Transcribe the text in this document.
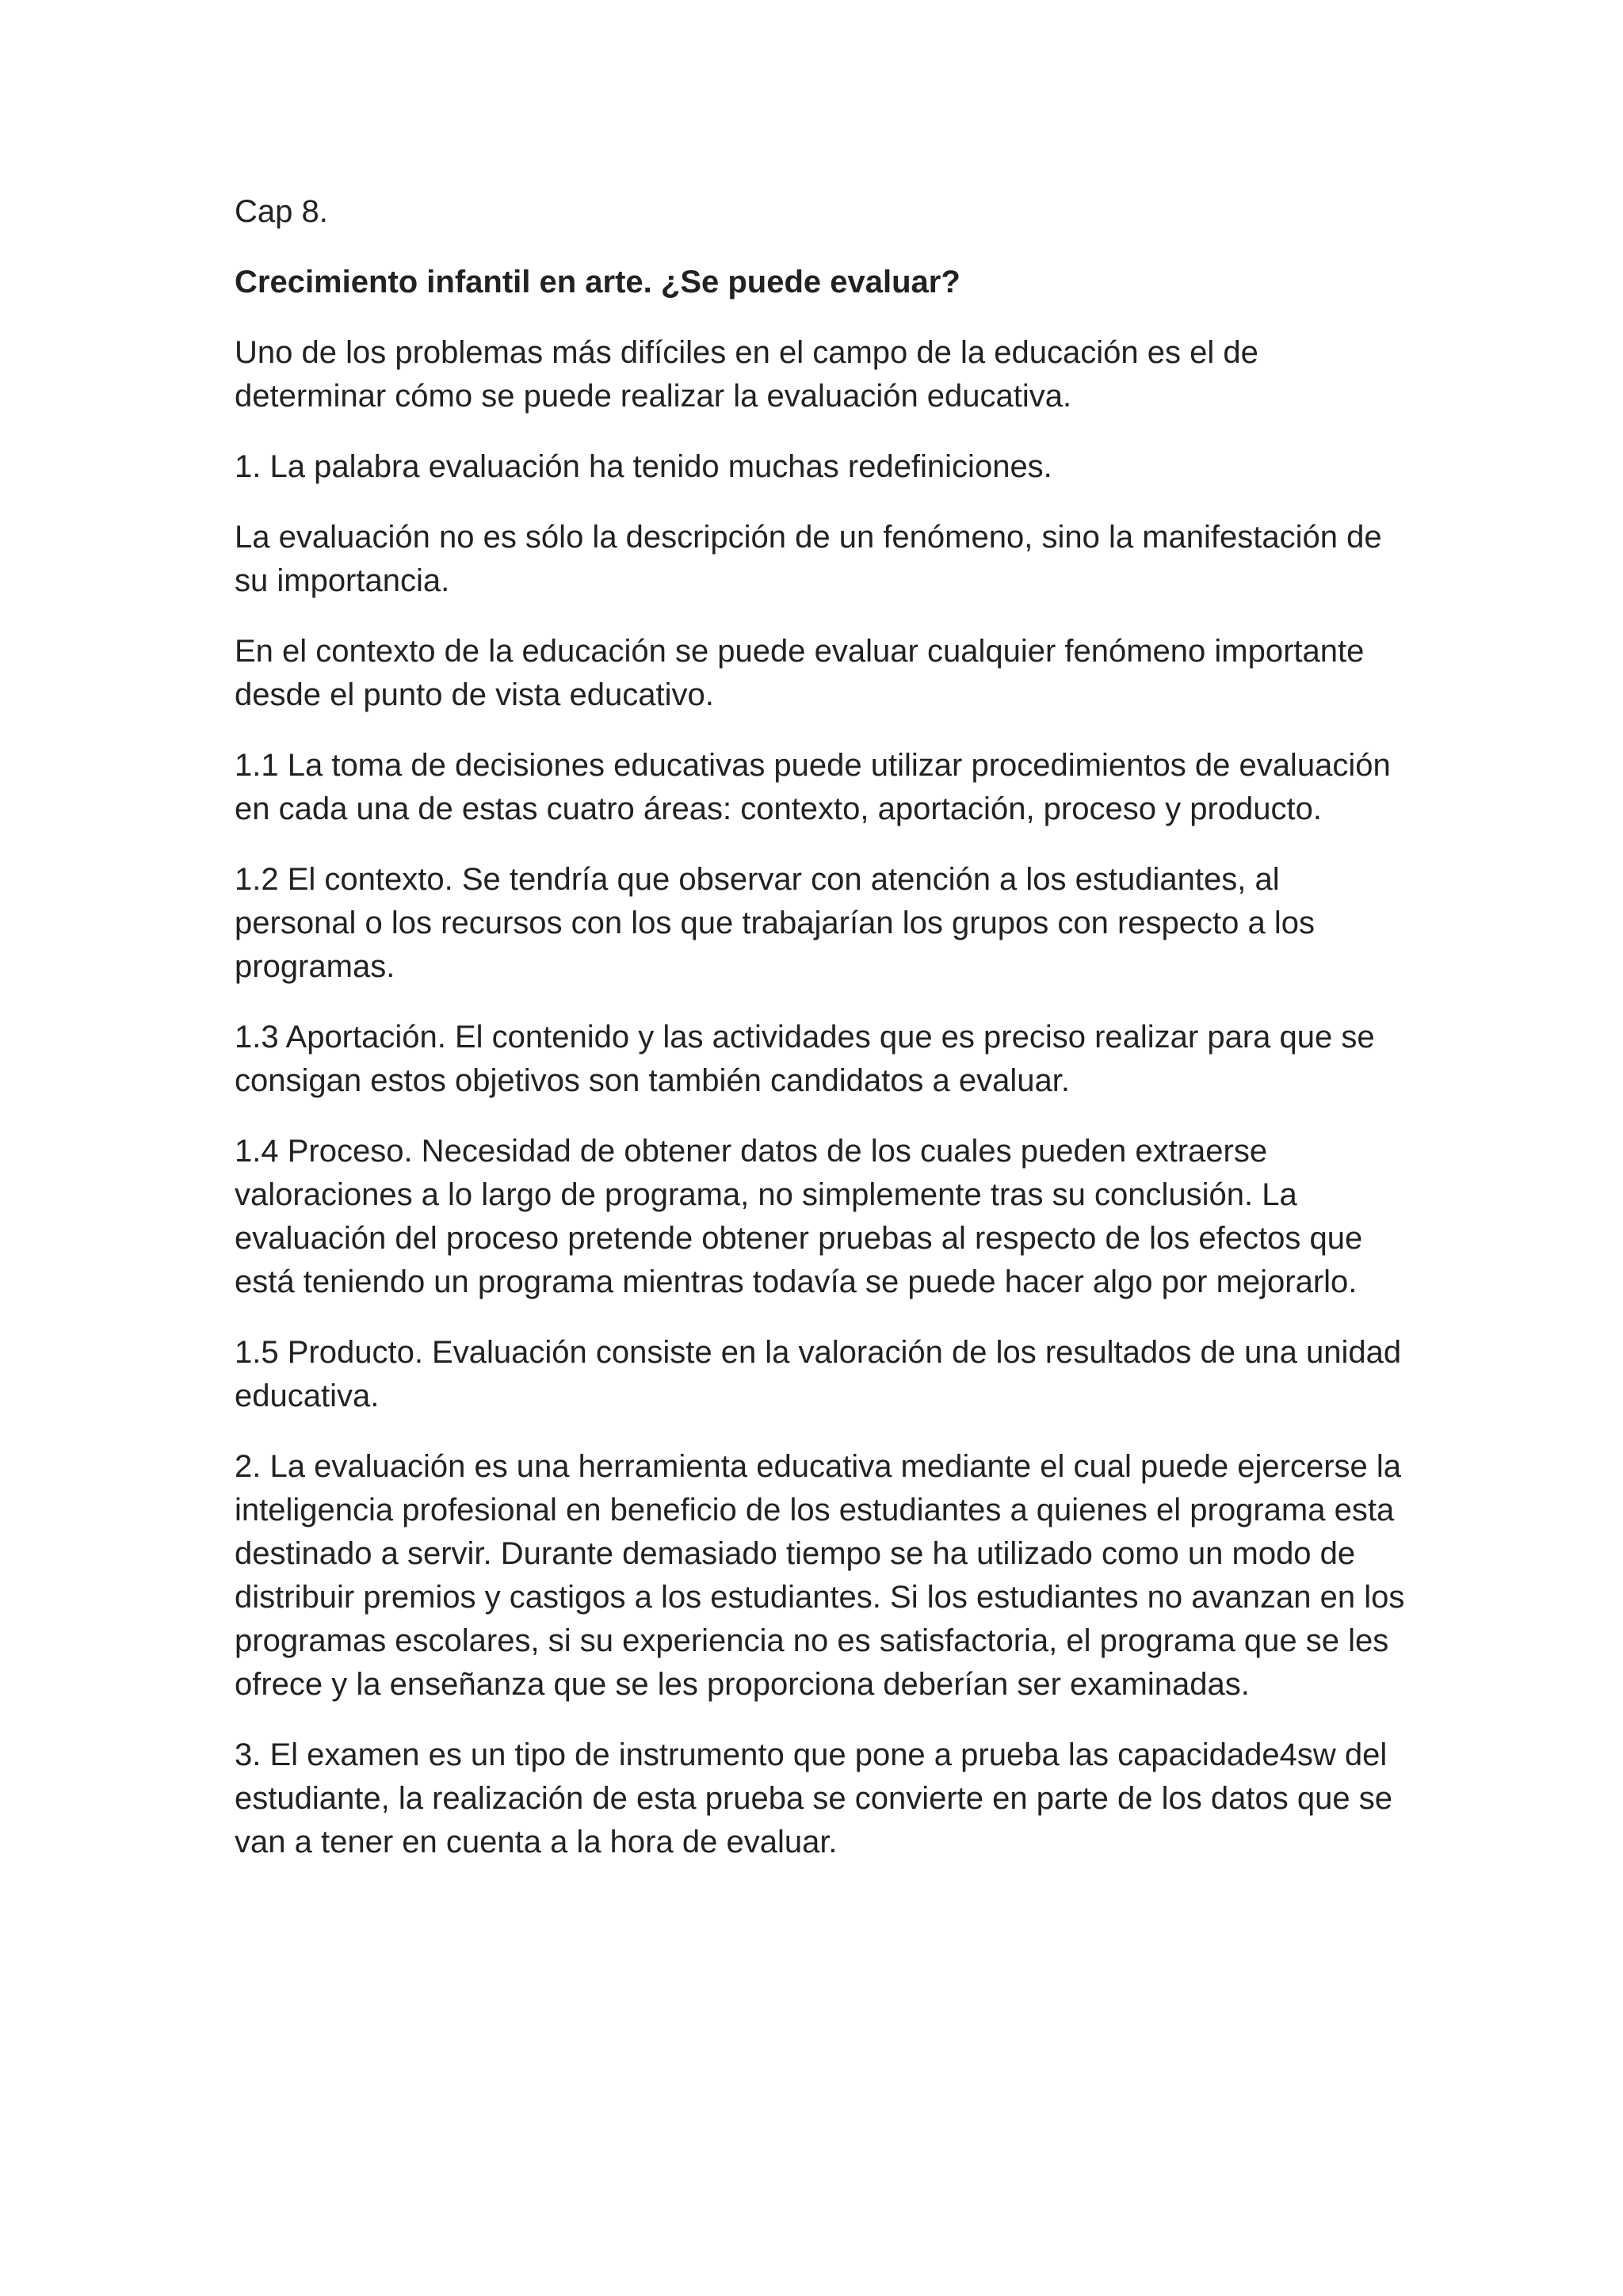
Cap 8.
Crecimiento infantil en arte. ¿Se puede evaluar?

Uno de los problemas más difíciles en el campo de la educación es el de determinar cómo se puede realizar la evaluación educativa.

1. La palabra evaluación ha tenido muchas redefiniciones.

La evaluación no es sólo la descripción de un fenómeno, sino la manifestación de su importancia.

En el contexto de la educación se puede evaluar cualquier fenómeno importante desde el punto de vista educativo.

1.1 La toma de decisiones educativas puede utilizar procedimientos de evaluación en cada una de estas cuatro áreas: contexto, aportación, proceso y producto.

1.2 El contexto. Se tendría que observar con atención a los estudiantes, al personal o los recursos con los que trabajarían los grupos con respecto a los programas.

1.3 Aportación. El contenido y las actividades que es preciso realizar para que se consigan estos objetivos son también candidatos a evaluar.

1.4 Proceso. Necesidad de obtener datos de los cuales pueden extraerse valoraciones a lo largo de programa, no simplemente tras su conclusión. La evaluación del proceso pretende obtener pruebas al respecto de los efectos que está teniendo un programa mientras todavía se puede hacer algo por mejorarlo.

1.5 Producto. Evaluación consiste en la valoración de los resultados de una unidad educativa.

2. La evaluación es una herramienta educativa mediante el cual puede ejercerse la inteligencia profesional en beneficio de los estudiantes a quienes el programa esta destinado a servir. Durante demasiado tiempo se ha utilizado como un modo de distribuir premios y castigos a los estudiantes. Si los estudiantes no avanzan en los programas escolares, si su experiencia no es satisfactoria, el programa que se les ofrece y la enseñanza que se les proporciona deberían ser examinadas.

3. El examen es un tipo de instrumento que pone a prueba las capacidade4sw del estudiante, la realización de esta prueba se convierte en parte de los datos que se van a tener en cuenta a la hora de evaluar.
